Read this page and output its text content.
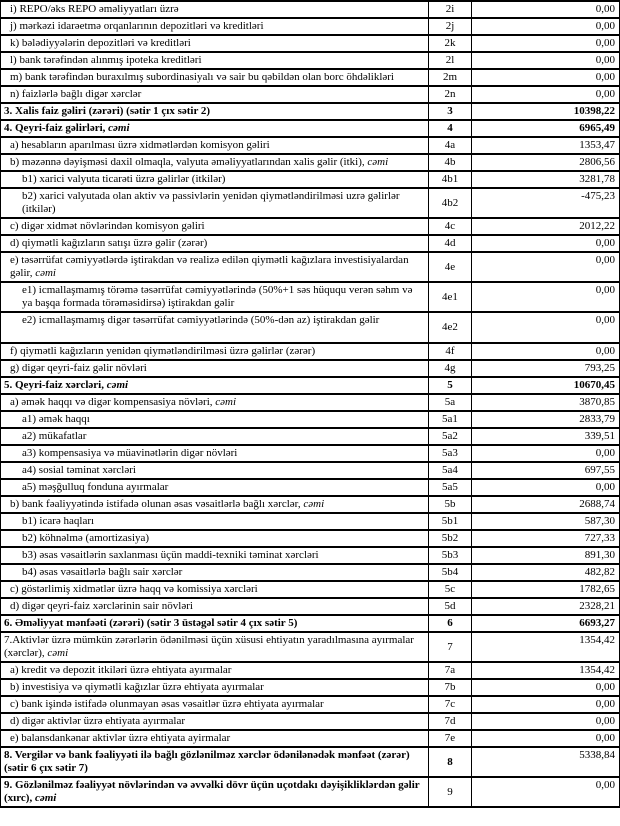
i) REPO/əks REPO əməliyyatları üzrə	2i	0,00
j) mərkəzi idarəetmə orqanlarının depozitləri və kreditləri	2j	0,00
k) bələdiyyələrin depozitləri və kreditləri	2k	0,00
l) bank tərəfindən alınmış ipoteka kreditləri	2l	0,00
m) bank tərəfindən buraxılmış subordinasiyalı və sair bu qəbildən olan borc öhdəlikləri	2m	0,00
n) faizlərlə bağlı digər xərclər	2n	0,00
3. Xalis faiz gəliri (zərəri) (sətir 1 çıx sətir 2)	3	10398,22
4. Qeyri-faiz gəlirləri, cəmi	4	6965,49
a) hesabların aparılması üzrə xidmətlərdən komisyon gəliri	4a	1353,47
b) məzənnə dəyişməsi daxil olmaqla, valyuta əməliyyatlarından xalis gəlir (itki), cəmi	4b	2806,56
b1) xarici valyuta ticarəti üzrə gəlirlər (itkilər)	4b1	3281,78
b2) xarici valyutada olan aktiv və passivlərin yenidən qiymətləndirilməsi uzrə gəlirlər (itkilər)	4b2	-475,23
c) digər xidmət növlərindən komisyon gəliri	4c	2012,22
d) qiymətli kağızların satışı üzrə gəlir (zərər)	4d	0,00
e) təsərrüfat cəmiyyətlərdə iştirakdan və realizə edilən qiymətli kağızlara investisiyalardan gəlir, cəmi	4e	0,00
e1) icmallaşmamış törəmə təsərrüfat cəmiyyətlərində (50%+1 səs hüququ verən səhm və ya başqa formada törəməsidirsə) iştirakdan gəlir	4e1	0,00
e2) icmallaşmamış digər təsərrüfat cəmiyyətlərində (50%-dən az) iştirakdan gəlir	4e2	0,00
f) qiymətli kağızların yenidən qiymətləndirilməsi üzrə gəlirlər (zərər)	4f	0,00
g) digər qeyri-faiz gəlir növləri	4g	793,25
5. Qeyri-faiz xərcləri, cəmi	5	10670,45
a) əmək haqqı və digər kompensasiya növləri, cəmi	5a	3870,85
a1) əmək haqqı	5a1	2833,79
a2) mükafatlar	5a2	339,51
a3) kompensasiya və müavinətlərin digər növləri	5a3	0,00
a4) sosial təminat xərcləri	5a4	697,55
a5) məşğulluq fonduna ayırmalar	5a5	0,00
b) bank fəaliyyətində istifadə olunan əsas vəsaitlərlə bağlı xərclər, cəmi	5b	2688,74
b1) icarə haqları	5b1	587,30
b2) köhnəlmə (amortizasiya)	5b2	727,33
b3) əsas vəsaitlərin saxlanması üçün maddi-texniki təminat xərcləri	5b3	891,30
b4) əsas vəsaitlərlə bağlı sair xərclər	5b4	482,82
c) göstərlimiş xidmətlər üzrə haqq və komissiya xərcləri	5c	1782,65
d) digər qeyri-faiz xərclərinin sair növləri	5d	2328,21
6. Əməliyyat mənfəəti (zərəri) (sətir 3 üstəgəl sətir 4 çıx sətir 5)	6	6693,27
7.Aktivlər üzrə mümkün zərərlərin ödənilməsi üçün xüsusi ehtiyatın yaradılmasına ayırmalar (xərclər), cəmi	7	1354,42
a) kredit və depozit itkiləri üzrə ehtiyata ayırmalar	7a	1354,42
b) investisiya və qiymətli kağızlar üzrə ehtiyata ayırmalar	7b	0,00
c) bank işində istifadə olunmayan əsas vəsaitlər üzrə ehtiyata ayırmalar	7c	0,00
d) digər aktivlər üzrə ehtiyata ayırmalar	7d	0,00
e) balansdankənar aktivlər üzrə ehtiyata ayirmalar	7e	0,00
8. Vergilər və bank fəaliyyəti ilə bağlı gözlənilməz xərclər ödənilənədək mənfəət (zərər) (sətir 6 çıx sətir 7)	8	5338,84
9. Gözlənilməz fəaliyyət növlərindən və əvvəlki dövr üçün uçotdakı dəyişikliklərdən gəlir (xırc), cəmi	9	0,00
